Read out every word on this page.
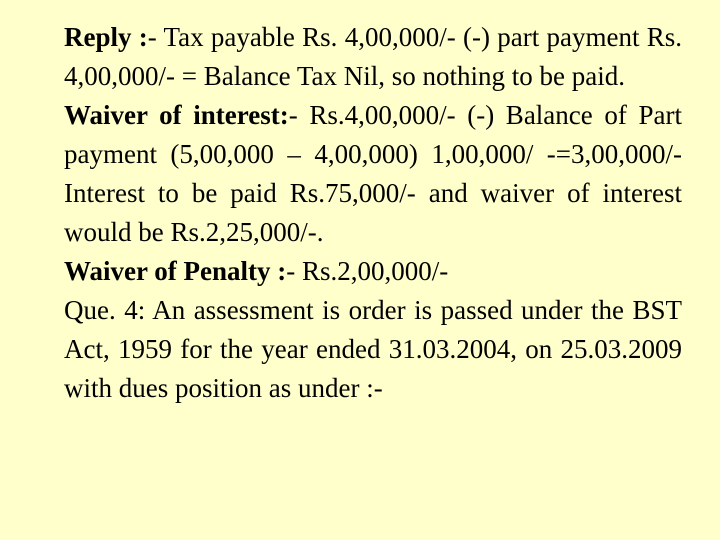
Reply :- Tax payable Rs. 4,00,000/- (-) part payment Rs. 4,00,000/- = Balance Tax Nil, so nothing to be paid.

Waiver of interest:- Rs.4,00,000/- (-) Balance of Part payment (5,00,000 – 4,00,000) 1,00,000/ -=3,00,000/- Interest to be paid Rs.75,000/- and waiver of interest would be Rs.2,25,000/-.

Waiver of Penalty :- Rs.2,00,000/-

Que. 4: An assessment is order is passed under the BST Act, 1959 for the year ended 31.03.2004, on 25.03.2009 with dues position as under :-
